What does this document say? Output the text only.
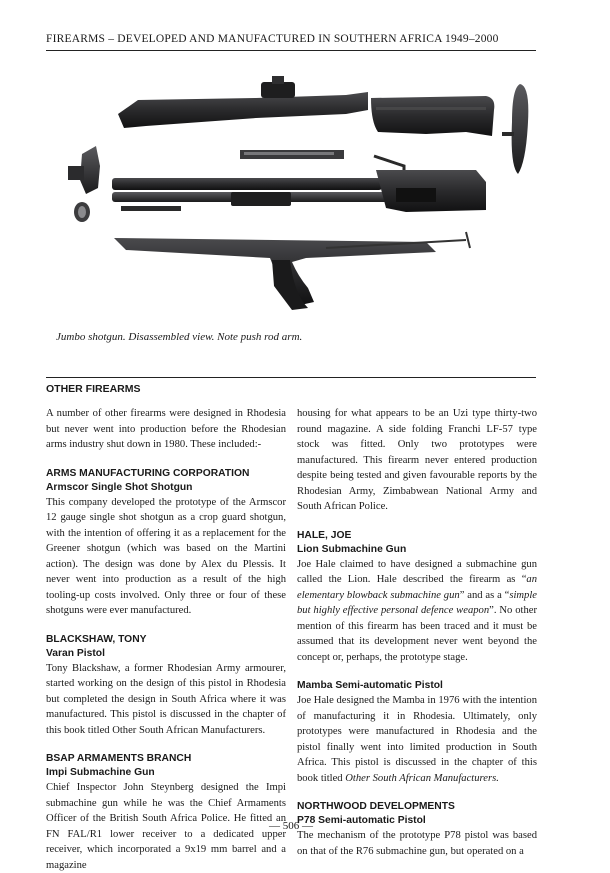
FIREARMS – DEVELOPED AND MANUFACTURED IN SOUTHERN AFRICA 1949–2000
Jumbo shotgun. Disassembled view. Note push rod arm.
OTHER FIREARMS

A number of other firearms were designed in Rhodesia but never went into production before the Rhodesian arms industry shut down in 1980. These included:-

ARMS MANUFACTURING CORPORATION
Armscor Single Shot Shotgun

This company developed the prototype of the Armscor 12 gauge single shot shotgun as a crop guard shotgun, with the intention of offering it as a replacement for the Greener shotgun (which was based on the Martini action). The design was done by Alex du Plessis. It never went into production as a result of the high tooling-up costs involved. Only three or four of these shotguns were ever manufactured.

BLACKSHAW, TONY
Varan Pistol

Tony Blackshaw, a former Rhodesian Army armourer, started working on the design of this pistol in Rhodesia but completed the design in South Africa where it was manufactured. This pistol is discussed in the chapter of this book titled Other South African Manufacturers.

BSAP ARMAMENTS BRANCH
Impi Submachine Gun

Chief Inspector John Steynberg designed the Impi submachine gun while he was the Chief Armaments Officer of the British South Africa Police. He fitted an FN FAL/R1 lower receiver to a dedicated upper receiver, which incorporated a 9x19 mm barrel and a magazine

housing for what appears to be an Uzi type thirty-two round magazine. A side folding Franchi LF-57 type stock was fitted. Only two prototypes were manufactured. This firearm never entered production despite being tested and given favourable reports by the Rhodesian Army, Zimbabwean National Army and South African Police.

HALE, JOE
Lion Submachine Gun

Joe Hale claimed to have designed a submachine gun called the Lion. Hale described the firearm as “an elementary blowback submachine gun” and as a “simple but highly effective personal defence weapon”. No other mention of this firearm has been traced and it must be assumed that its development never went beyond the concept or, perhaps, the prototype stage.

Mamba Semi-automatic Pistol

Joe Hale designed the Mamba in 1976 with the intention of manufacturing it in Rhodesia. Ultimately, only prototypes were manufactured in Rhodesia and the pistol finally went into limited production in South Africa. This pistol is discussed in the chapter of this book titled Other South African Manufacturers.

NORTHWOOD DEVELOPMENTS
P78 Semi-automatic Pistol

The mechanism of the prototype P78 pistol was based on that of the R76 submachine gun, but operated on a

— 506 —
